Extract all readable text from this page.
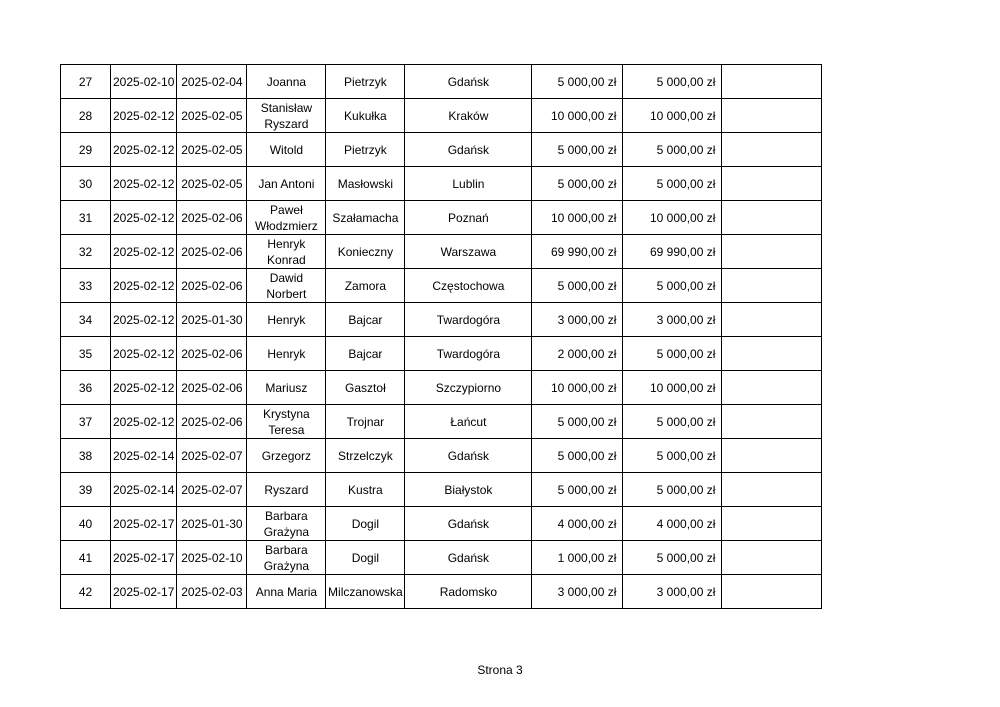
27	2025-02-10	2025-02-04	Joanna	Pietrzyk	Gdańsk	5 000,00 zł	5 000,00 zł	
28	2025-02-12	2025-02-05	Stanisław Ryszard	Kukułka	Kraków	10 000,00 zł	10 000,00 zł	
29	2025-02-12	2025-02-05	Witold	Pietrzyk	Gdańsk	5 000,00 zł	5 000,00 zł	
30	2025-02-12	2025-02-05	Jan Antoni	Masłowski	Lublin	5 000,00 zł	5 000,00 zł	
31	2025-02-12	2025-02-06	Paweł Włodzmierz	Szałamacha	Poznań	10 000,00 zł	10 000,00 zł	
32	2025-02-12	2025-02-06	Henryk Konrad	Konieczny	Warszawa	69 990,00 zł	69 990,00 zł	
33	2025-02-12	2025-02-06	Dawid Norbert	Zamora	Częstochowa	5 000,00 zł	5 000,00 zł	
34	2025-02-12	2025-01-30	Henryk	Bajcar	Twardogóra	3 000,00 zł	3 000,00 zł	
35	2025-02-12	2025-02-06	Henryk	Bajcar	Twardogóra	2 000,00 zł	5 000,00 zł	
36	2025-02-12	2025-02-06	Mariusz	Gasztoł	Szczypiorno	10 000,00 zł	10 000,00 zł	
37	2025-02-12	2025-02-06	Krystyna Teresa	Trojnar	Łańcut	5 000,00 zł	5 000,00 zł	
38	2025-02-14	2025-02-07	Grzegorz	Strzelczyk	Gdańsk	5 000,00 zł	5 000,00 zł	
39	2025-02-14	2025-02-07	Ryszard	Kustra	Białystok	5 000,00 zł	5 000,00 zł	
40	2025-02-17	2025-01-30	Barbara Grażyna	Dogil	Gdańsk	4 000,00 zł	4 000,00 zł	
41	2025-02-17	2025-02-10	Barbara Grażyna	Dogil	Gdańsk	1 000,00 zł	5 000,00 zł	
42	2025-02-17	2025-02-03	Anna Maria	Milczanowska	Radomsko	3 000,00 zł	3 000,00 zł	
Strona 3
